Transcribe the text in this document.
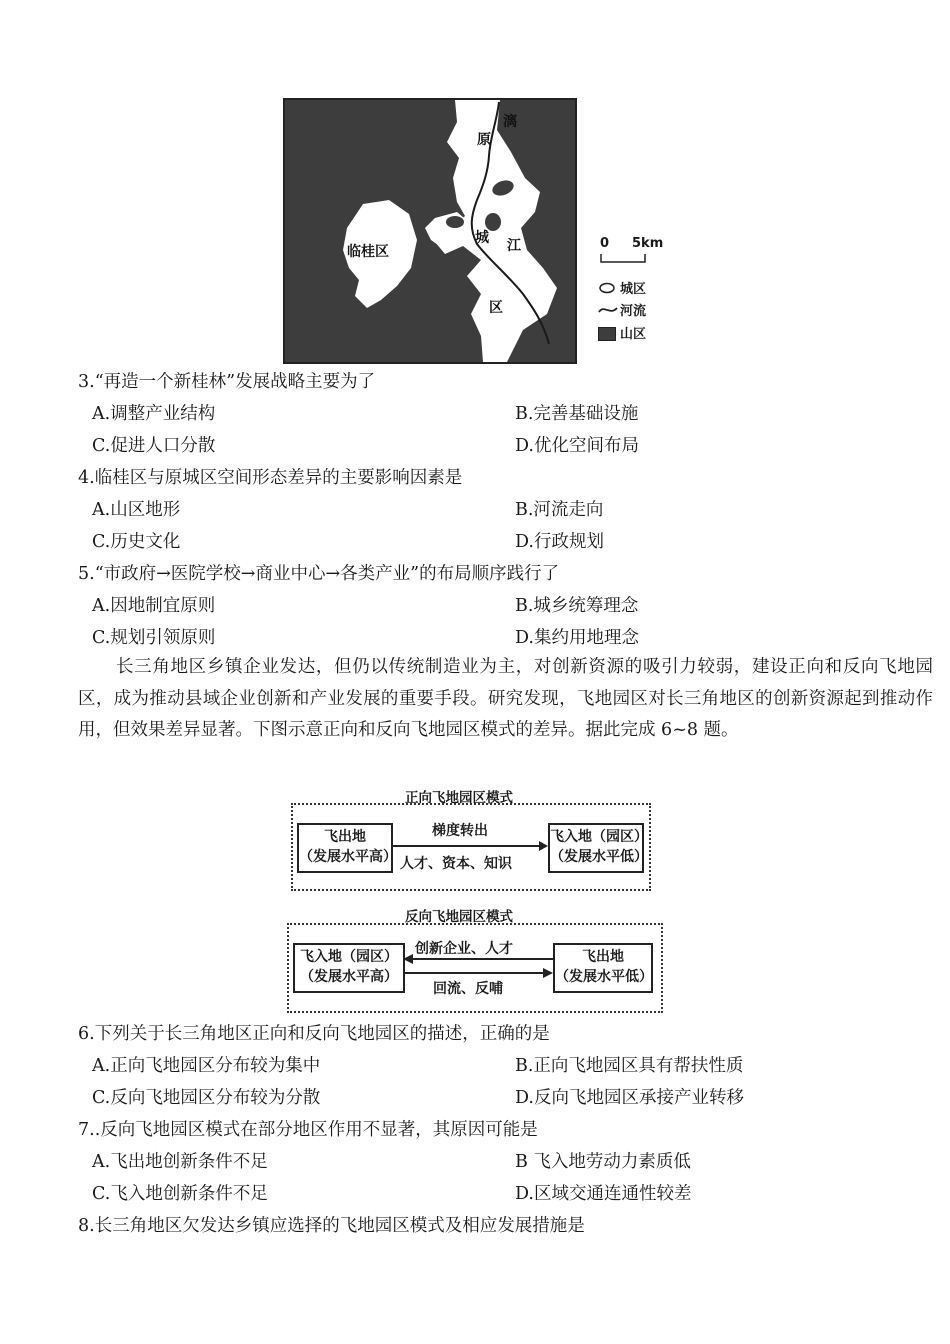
原
漓
城 江
区
临桂区
0 5km
城区
河流
山区
3.“再造一个新桂林”发展战略主要为了
A.调整产业结构	B.完善基础设施
C.促进人口分散	D.优化空间布局
4.临桂区与原城区空间形态差异的主要影响因素是
A.山区地形	B.河流走向
C.历史文化	D.行政规划
5.“市政府→医院学校→商业中心→各类产业”的布局顺序践行了
A.因地制宜原则	B.城乡统筹理念
C.规划引领原则	D.集约用地理念
长三角地区乡镇企业发达，但仍以传统制造业为主，对创新资源的吸引力较弱，建设正向和反向飞地园区，成为推动县域企业创新和产业发展的重要手段。研究发现，飞地园区对长三角地区的创新资源起到推动作用，但效果差异显著。下图示意正向和反向飞地园区模式的差异。据此完成 6~8 题。
正向飞地园区模式
飞出地
（发展水平高）
飞入地（园区）
（发展水平低）
梯度转出
人才、资本、知识
反向飞地园区模式
飞入地（园区）
（发展水平高）
飞出地
（发展水平低）
创新企业、人才
回流、反哺
6.下列关于长三角地区正向和反向飞地园区的描述，正确的是
A.正向飞地园区分布较为集中	B.正向飞地园区具有帮扶性质
C.反向飞地园区分布较为分散	D.反向飞地园区承接产业转移
7..反向飞地园区模式在部分地区作用不显著，其原因可能是
A.飞出地创新条件不足	B 飞入地劳动力素质低
C.飞入地创新条件不足	D.区域交通连通性较差
8.长三角地区欠发达乡镇应选择的飞地园区模式及相应发展措施是
